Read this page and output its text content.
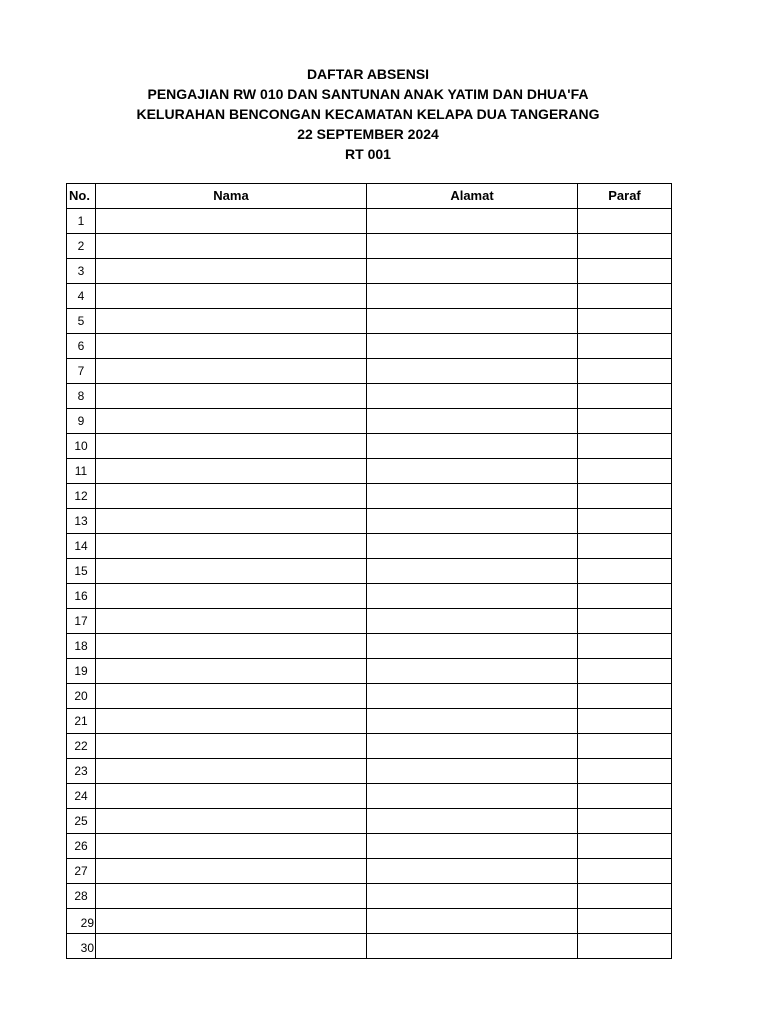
DAFTAR ABSENSI
PENGAJIAN RW 010 DAN SANTUNAN ANAK YATIM DAN DHUA'FA
KELURAHAN BENCONGAN KECAMATAN KELAPA DUA TANGERANG
22 SEPTEMBER 2024
RT 001
No.	Nama	Alamat	Paraf
1			
2			
3			
4			
5			
6			
7			
8			
9			
10			
11			
12			
13			
14			
15			
16			
17			
18			
19			
20			
21			
22			
23			
24			
25			
26			
27			
28			
29			
30			
